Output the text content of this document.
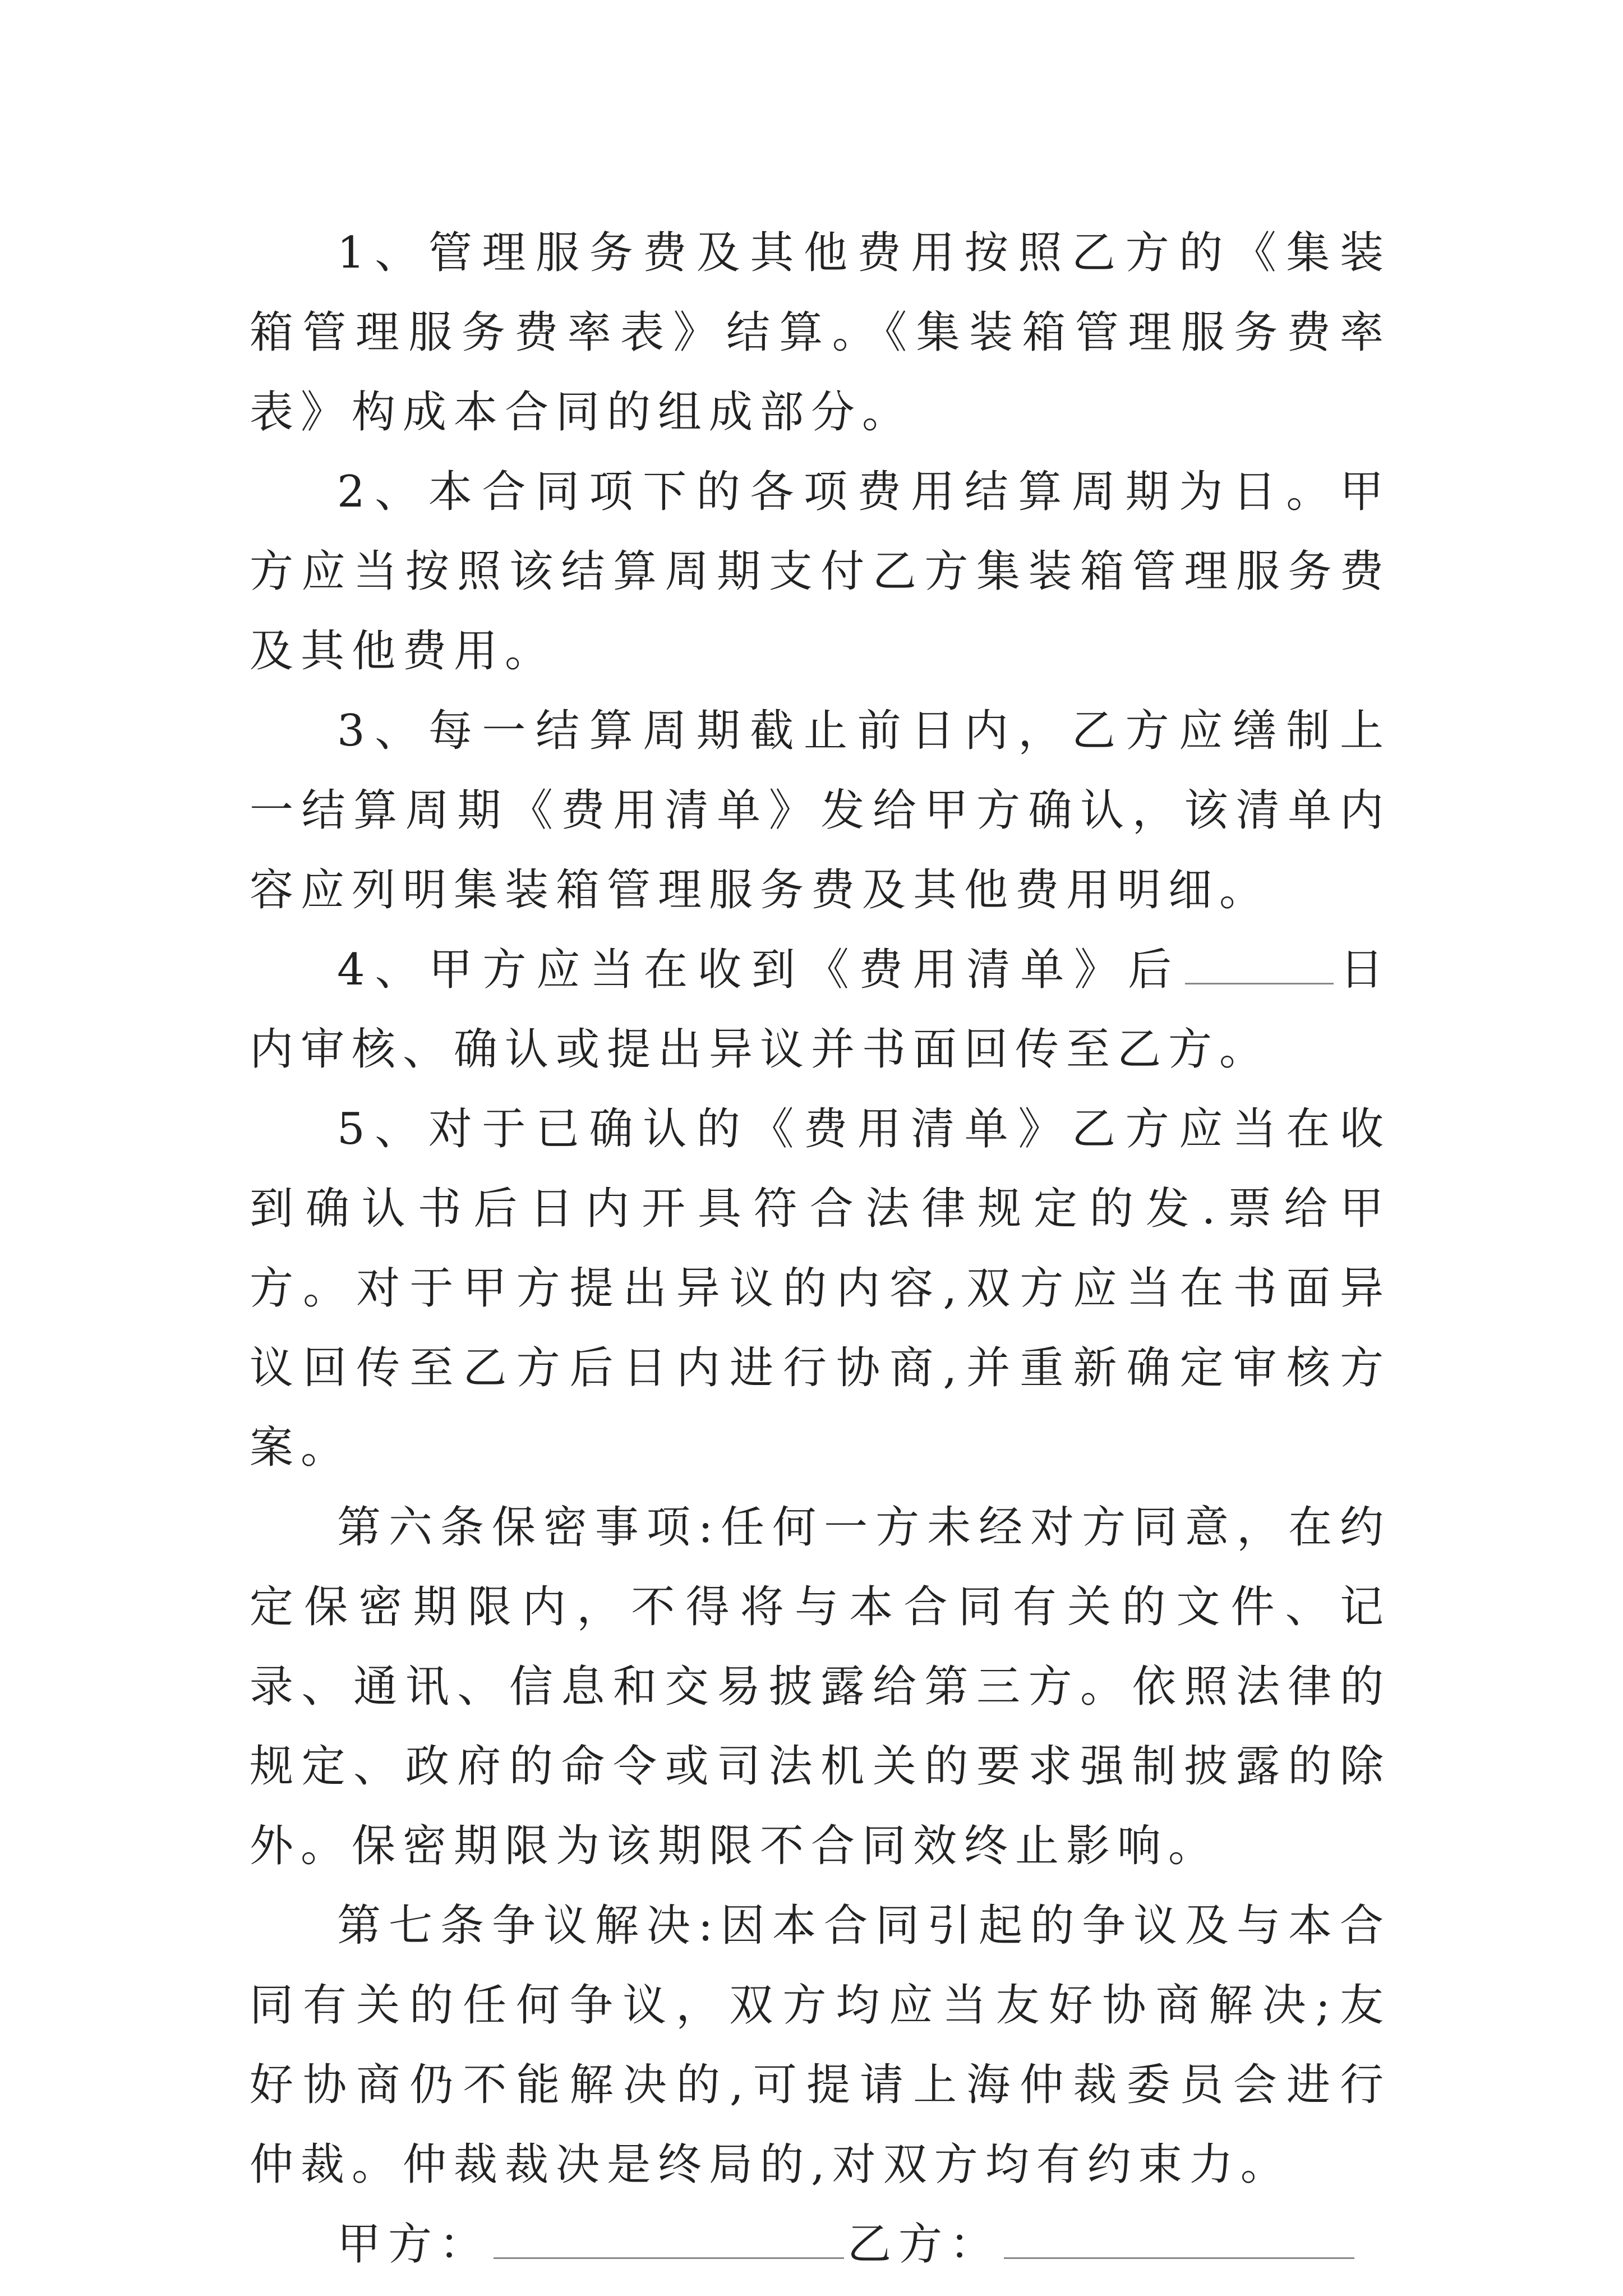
1、管理服务费及其他费用按照乙方的《集装箱管理服务费率表》结算。《集装箱管理服务费率表》构成本合同的组成部分。

2、本合同项下的各项费用结算周期为日。甲方应当按照该结算周期支付乙方集装箱管理服务费及其他费用。

3、每一结算周期截止前日内，乙方应缮制上一结算周期《费用清单》发给甲方确认，该清单内容应列明集装箱管理服务费及其他费用明细。

4、甲方应当在收到《费用清单》后	日内审核、确认或提出异议并书面回传至乙方。

5、对于已确认的《费用清单》乙方应当在收到确认书后日内开具符合法律规定的发.票给甲方。对于甲方提出异议的内容,双方应当在书面异议回传至乙方后日内进行协商,并重新确定审核方案。

第六条保密事项:任何一方未经对方同意，在约定保密期限内，不得将与本合同有关的文件、记录、通讯、信息和交易披露给第三方。依照法律的规定、政府的命令或司法机关的要求强制披露的除外。保密期限为该期限不合同效终止影响。

第七条争议解决:因本合同引起的争议及与本合同有关的任何争议，双方均应当友好协商解决;友好协商仍不能解决的,可提请上海仲裁委员会进行仲裁。仲裁裁决是终局的,对双方均有约束力。

甲方：	乙方：
